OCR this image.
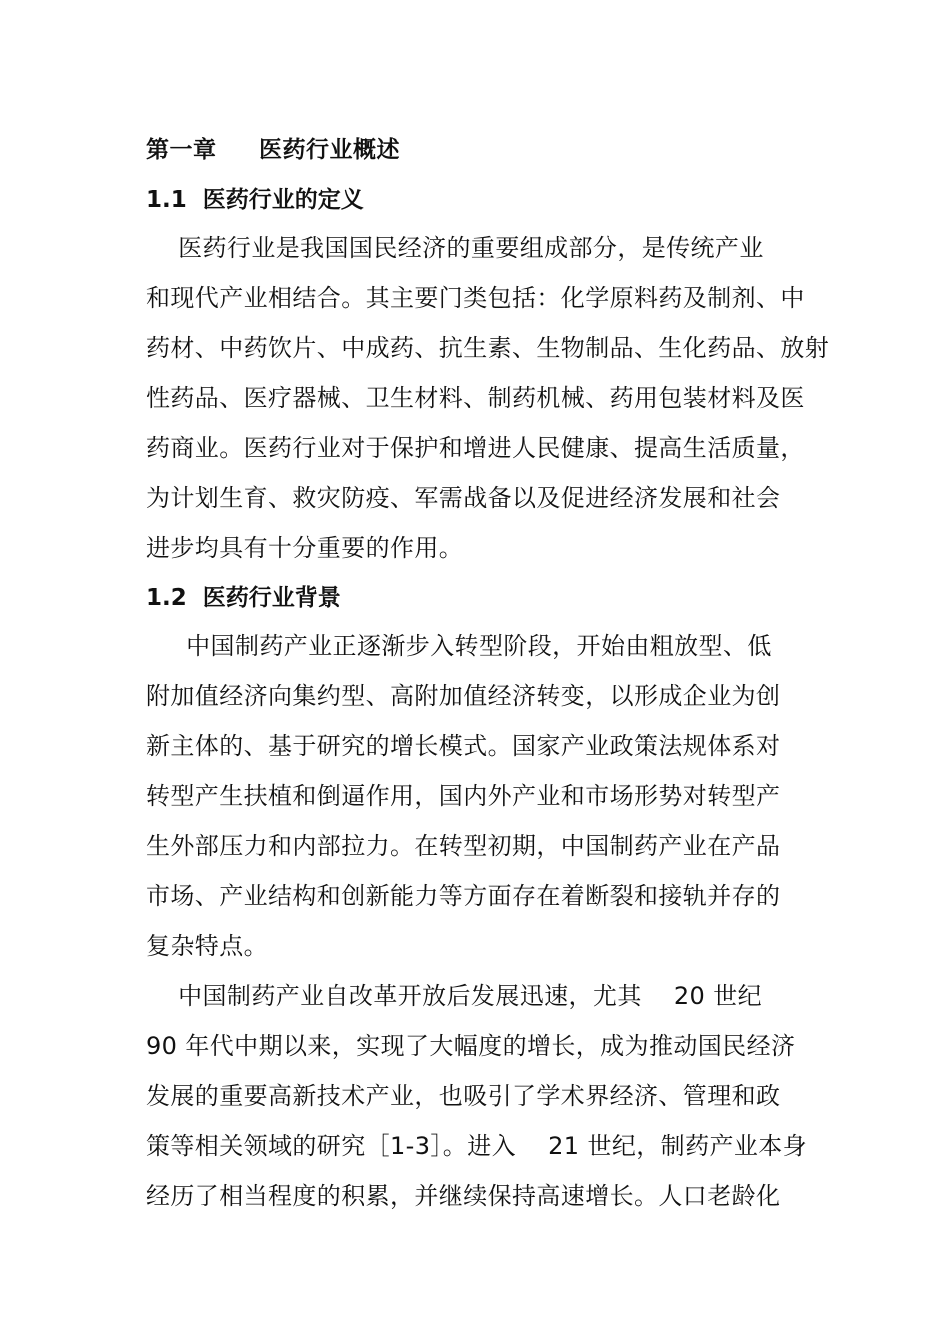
第一章     医药行业概述
1.1  医药行业的定义
医药行业是我国国民经济的重要组成部分，是传统产业
和现代产业相结合。其主要门类包括：化学原料药及制剂、中
药材、中药饮片、中成药、抗生素、生物制品、生化药品、放射
性药品、医疗器械、卫生材料、制药机械、药用包装材料及医
药商业。医药行业对于保护和增进人民健康、提高生活质量，
为计划生育、救灾防疫、军需战备以及促进经济发展和社会
进步均具有十分重要的作用。
1.2  医药行业背景
中国制药产业正逐渐步入转型阶段，开始由粗放型、低
附加值经济向集约型、高附加值经济转变，以形成企业为创
新主体的、基于研究的增长模式。国家产业政策法规体系对
转型产生扶植和倒逼作用，国内外产业和市场形势对转型产
生外部压力和内部拉力。在转型初期，中国制药产业在产品
市场、产业结构和创新能力等方面存在着断裂和接轨并存的
复杂特点。
中国制药产业自改革开放后发展迅速，尤其    20 世纪
90 年代中期以来，实现了大幅度的增长，成为推动国民经济
发展的重要高新技术产业，也吸引了学术界经济、管理和政
策等相关领域的研究［1-3］。进入    21 世纪，制药产业本身
经历了相当程度的积累，并继续保持高速增长。人口老龄化
